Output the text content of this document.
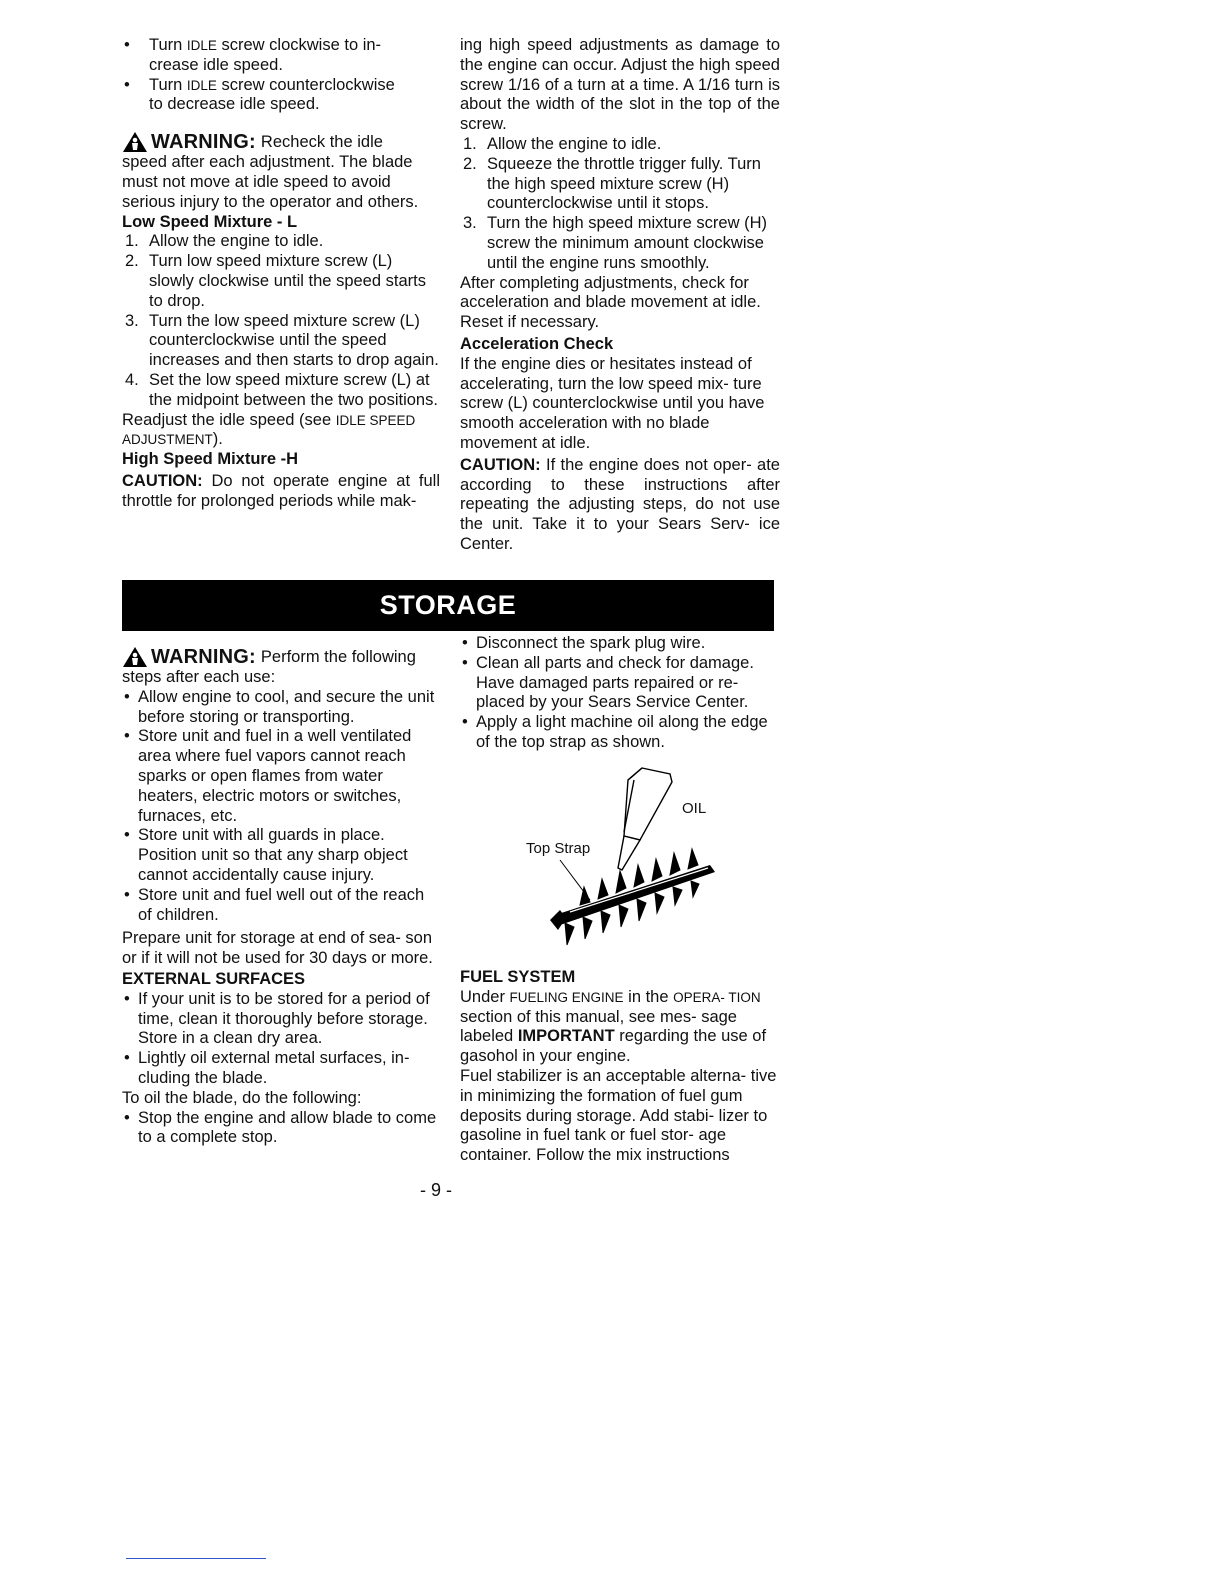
• Turn IDLE screw clockwise to in-
crease idle speed.
• Turn IDLE screw counterclockwise
to decrease idle speed.
WARNING: Recheck the idle

speed after each adjustment. The blade must not move at idle speed to avoid serious injury to the operator and others.

Low Speed Mixture - L

1. Allow the engine to idle.
2. Turn low speed mixture screw (L) slowly clockwise until the speed starts to drop.
3. Turn the low speed mixture screw (L) counterclockwise until the speed increases and then starts to drop again.
4. Set the low speed mixture screw (L) at the midpoint between the two positions.

Readjust the idle speed (see IDLE SPEED ADJUSTMENT).

High Speed Mixture -H

CAUTION: Do not operate engine at full throttle for prolonged periods while mak-

ing high speed adjustments as damage to the engine can occur. Adjust the high speed screw 1/16 of a turn at a time. A 1/16 turn is about the width of the slot in the top of the screw.

1. Allow the engine to idle.
2. Squeeze the throttle trigger fully. Turn the high speed mixture screw (H) counterclockwise until it stops.
3. Turn the high speed mixture screw (H) screw the minimum amount clockwise until the engine runs smoothly.

After completing adjustments, check for acceleration and blade movement at idle. Reset if necessary.

Acceleration Check

If the engine dies or hesitates instead of accelerating, turn the low speed mix- ture screw (L) counterclockwise until you have smooth acceleration with no blade movement at idle.

CAUTION: If the engine does not oper- ate according to these instructions after repeating the adjusting steps, do not use the unit. Take it to your Sears Serv- ice Center.

STORAGE
WARNING: Perform the following

steps after each use:

• Allow engine to cool, and secure the unit before storing or transporting.
• Store unit and fuel in a well ventilated area where fuel vapors cannot reach sparks or open flames from water heaters, electric motors or switches, furnaces, etc.
• Store unit with all guards in place. Position unit so that any sharp object cannot accidentally cause injury.
• Store unit and fuel well out of the reach of children.

Prepare unit for storage at end of sea- son or if it will not be used for 30 days or more.

EXTERNAL SURFACES

• If your unit is to be stored for a period of time, clean it thoroughly before storage. Store in a clean dry area.
• Lightly oil external metal surfaces, in- cluding the blade.

To oil the blade, do the following:

• Stop the engine and allow blade to come to a complete stop.
• Disconnect the spark plug wire.
• Clean all parts and check for damage. Have damaged parts repaired or re- placed by your Sears Service Center.
• Apply a light machine oil along the edge of the top strap as shown.
OIL
Top Strap

FUEL SYSTEM

Under FUELING ENGINE in the OPERA- TION section of this manual, see mes- sage labeled IMPORTANT regarding the use of gasohol in your engine.

Fuel stabilizer is an acceptable alterna- tive in minimizing the formation of fuel gum deposits during storage. Add stabi- lizer to gasoline in fuel tank or fuel stor- age container. Follow the mix instructions

- 9 -
